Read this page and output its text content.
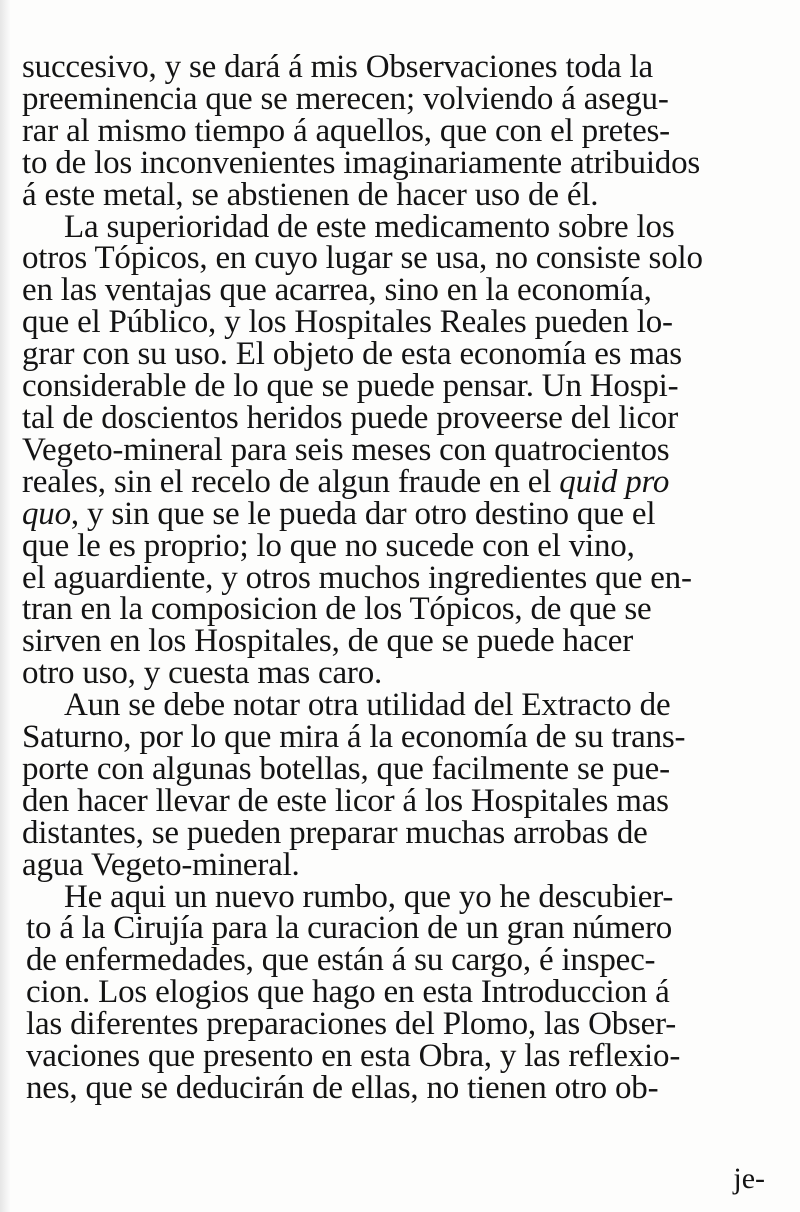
succesivo, y se dará á mis Observaciones toda la
preeminencia que se merecen; volviendo á asegu-
rar al mismo tiempo á aquellos, que con el pretes-
to de los inconvenientes imaginariamente atribuidos
á este metal, se abstienen de hacer uso de él.
La superioridad de este medicamento sobre los
otros Tópicos, en cuyo lugar se usa, no consiste solo
en las ventajas que acarrea, sino en la economía,
que el Público, y los Hospitales Reales pueden lo-
grar con su uso. El objeto de esta economía es mas
considerable de lo que se puede pensar. Un Hospi-
tal de doscientos heridos puede proveerse del licor
Vegeto-mineral para seis meses con quatrocientos
reales, sin el recelo de algun fraude en el quid pro
quo, y sin que se le pueda dar otro destino que el
que le es proprio; lo que no sucede con el vino,
el aguardiente, y otros muchos ingredientes que en-
tran en la composicion de los Tópicos, de que se
sirven en los Hospitales, de que se puede hacer
otro uso, y cuesta mas caro.
Aun se debe notar otra utilidad del Extracto de
Saturno, por lo que mira á la economía de su trans-
porte con algunas botellas, que facilmente se pue-
den hacer llevar de este licor á los Hospitales mas
distantes, se pueden preparar muchas arrobas de
agua Vegeto-mineral.
He aqui un nuevo rumbo, que yo he descubier-
to á la Cirujía para la curacion de un gran número
de enfermedades, que están á su cargo, é inspec-
cion. Los elogios que hago en esta Introduccion á
las diferentes preparaciones del Plomo, las Obser-
vaciones que presento en esta Obra, y las reflexio-
nes, que se deducirán de ellas, no tienen otro ob-
je-
